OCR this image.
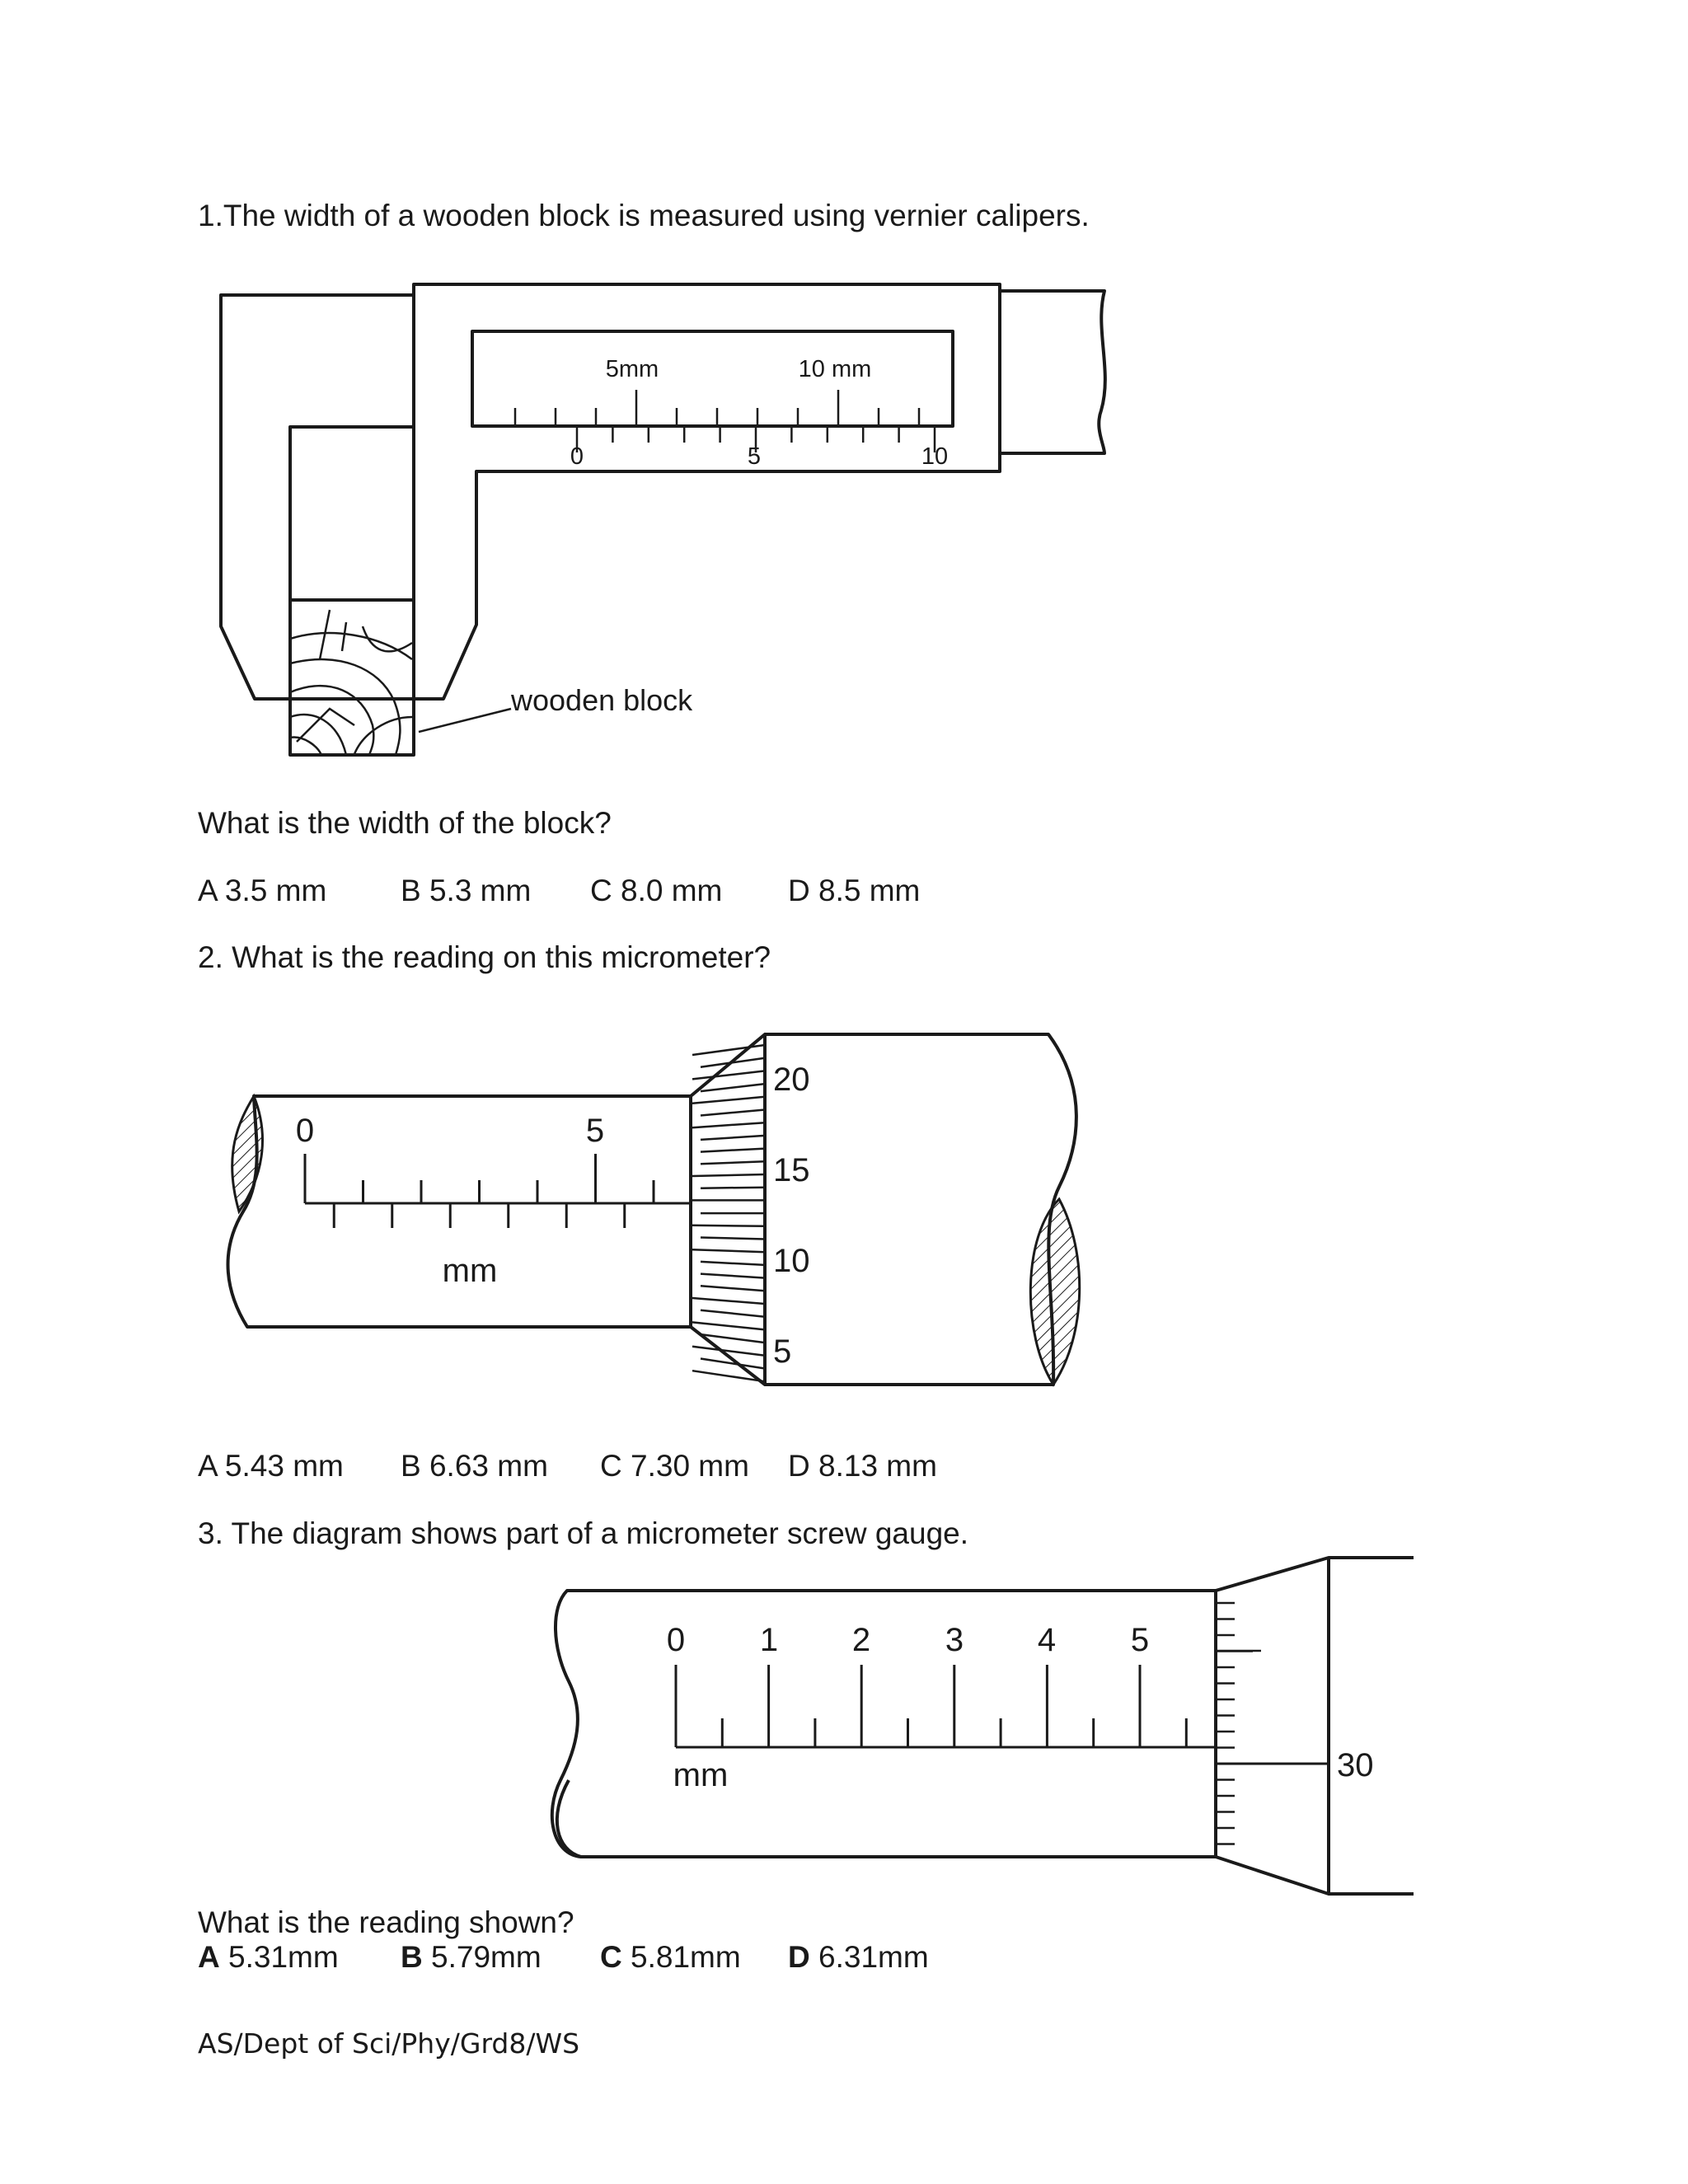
1.The width of a wooden block is measured using vernier calipers.
5mm	10 mm
0	5	10
wooden block
What is the width of the block?
A 3.5 mm B 5.3 mm C 8.0 mm D 8.5 mm
2. What is the reading on this micrometer?
0	5
mm
20
15
10
5
A 5.43 mm B 6.63 mm C 7.30 mm D 8.13 mm
3. The diagram shows part of a micrometer screw gauge.
0 1 2 3 4 5
mm	30
What is the reading shown?
A 5.31mm B 5.79mm C 5.81mm D 6.31mm
AS/Dept of Sci/Phy/Grd8/WS
